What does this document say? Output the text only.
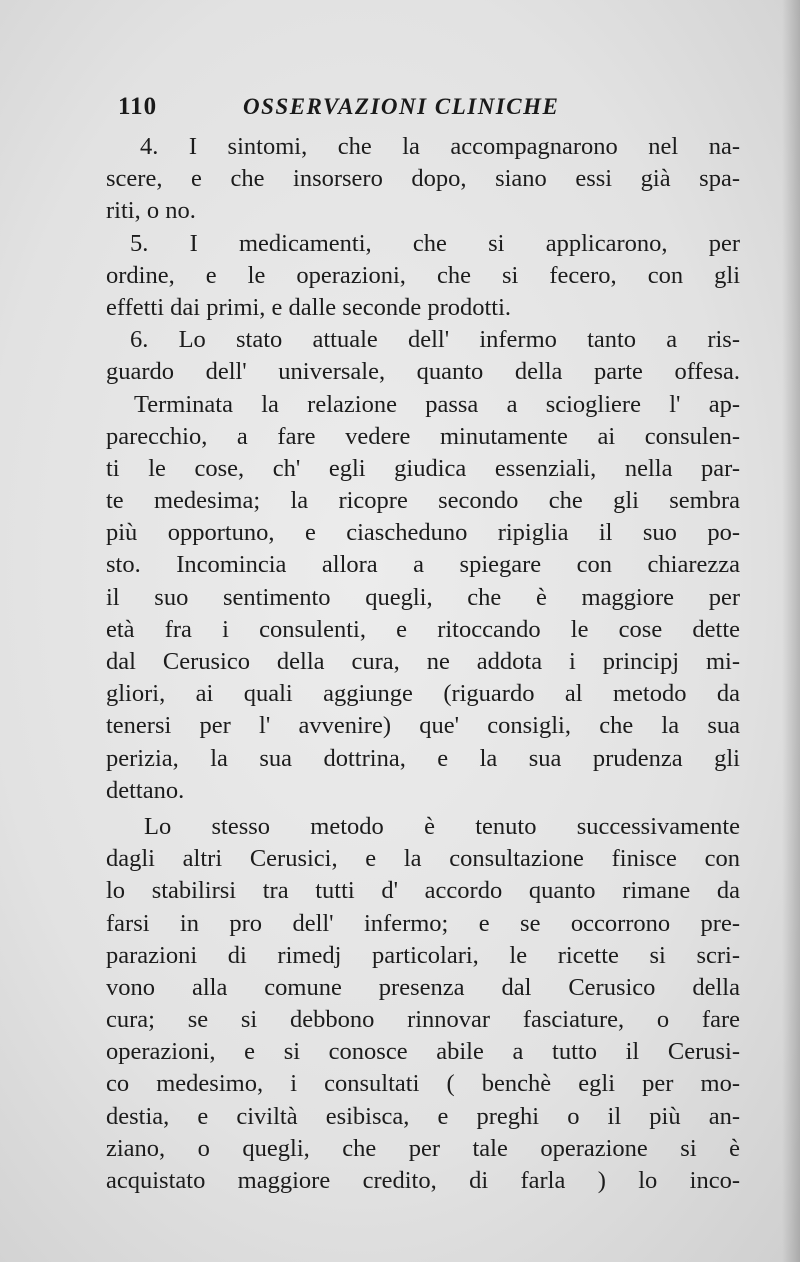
110	OSSERVAZIONI CLINICHE
4. I sintomi, che la accompagnarono nel na-
scere, e che insorsero dopo, siano essi già spa-
riti, o no.
5. I medicamenti, che si applicarono, per
ordine, e le operazioni, che si fecero, con gli
effetti dai primi, e dalle seconde prodotti.
6. Lo stato attuale dell' infermo tanto a ris-
guardo dell' universale, quanto della parte offesa.
Terminata la relazione passa a sciogliere l' ap-
parecchio, a fare vedere minutamente ai consulen-
ti le cose, ch' egli giudica essenziali, nella par-
te medesima; la ricopre secondo che gli sembra
più opportuno, e ciascheduno ripiglia il suo po-
sto. Incomincia allora a spiegare con chiarezza
il suo sentimento quegli, che è maggiore per
età fra i consulenti, e ritoccando le cose dette
dal Cerusico della cura, ne addota i principj mi-
gliori, ai quali aggiunge (riguardo al metodo da
tenersi per l' avvenire) que' consigli, che la sua
perizia, la sua dottrina, e la sua prudenza gli
dettano.
Lo stesso metodo è tenuto successivamente
dagli altri Cerusici, e la consultazione finisce con
lo stabilirsi tra tutti d' accordo quanto rimane da
farsi in pro dell' infermo; e se occorrono pre-
parazioni di rimedj particolari, le ricette si scri-
vono alla comune presenza dal Cerusico della
cura; se si debbono rinnovar fasciature, o fare
operazioni, e si conosce abile a tutto il Cerusi-
co medesimo, i consultati ( benchè egli per mo-
destia, e civiltà esibisca, e preghi o il più an-
ziano, o quegli, che per tale operazione si è
acquistato maggiore credito, di farla ) lo inco-
